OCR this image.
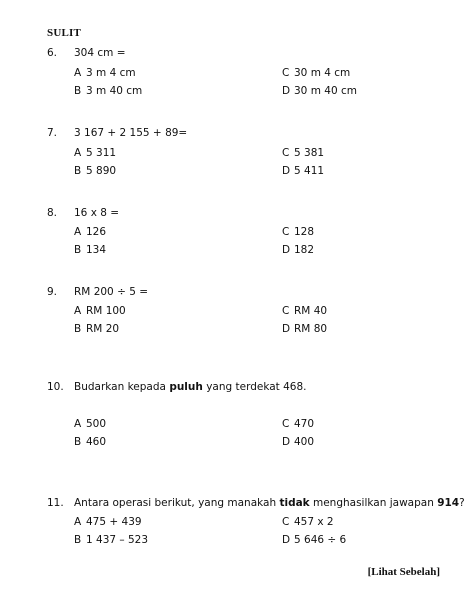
SULIT
6. 304 cm =
A 3 m 4 cm	C 30 m 4 cm
B 3 m 40 cm	D 30 m 40 cm
7. 3 167 + 2 155 + 89=
A 5 311	C 5 381
B 5 890	D 5 411
8. 16 x 8 =
A 126	C 128
B 134	D 182
9. RM 200 ÷ 5 =
A RM 100	C RM 40
B RM 20	D RM 80
10. Budarkan kepada puluh yang terdekat 468.
A 500	C 470
B 460	D 400
11. Antara operasi berikut, yang manakah tidak menghasilkan jawapan 914?
A 475 + 439	C 457 x 2
B 1 437 – 523	D 5 646 ÷ 6
[Lihat Sebelah]
